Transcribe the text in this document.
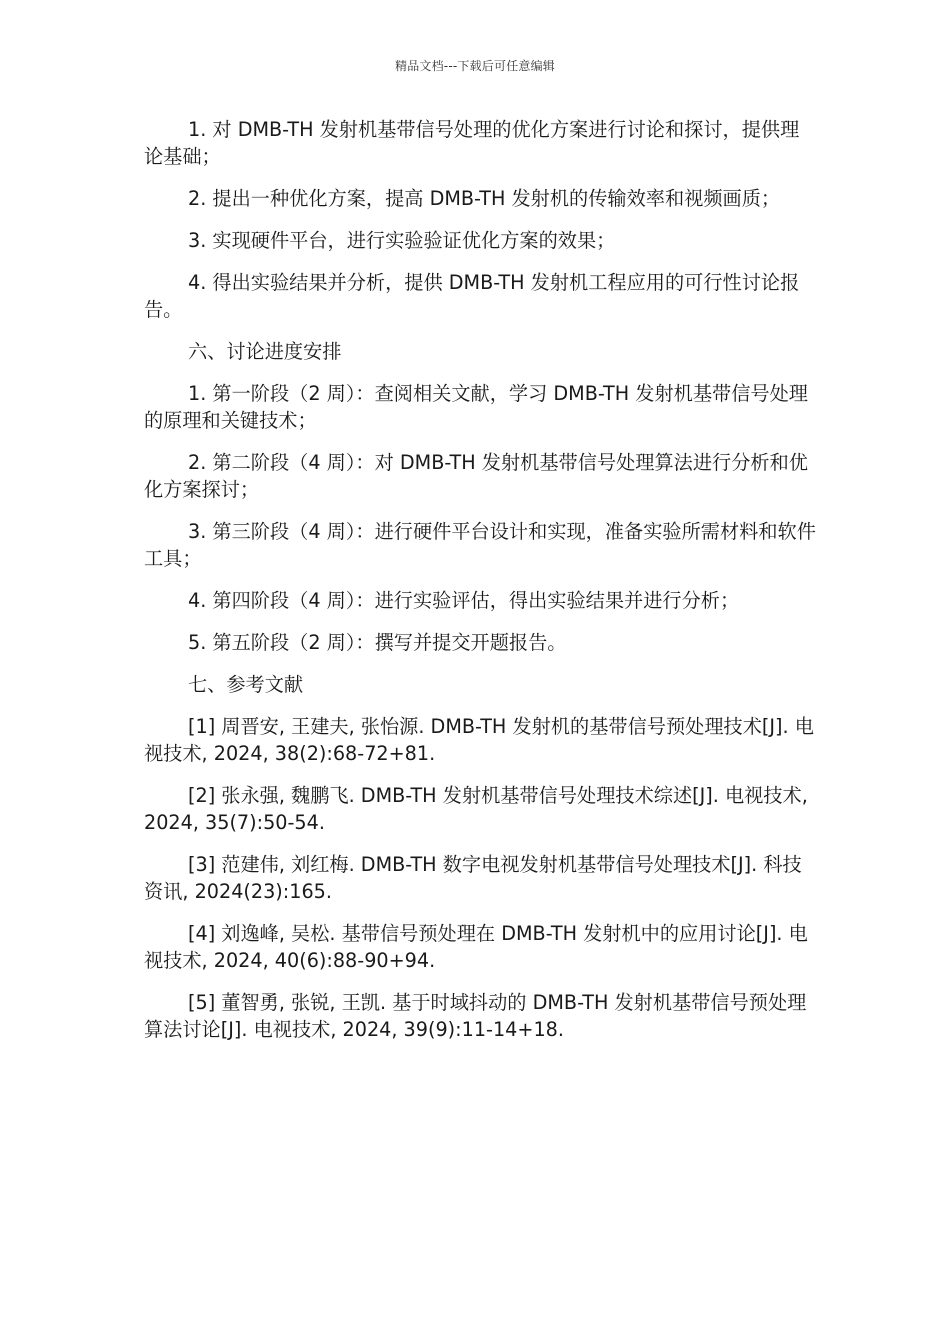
精品文档---下载后可任意编辑

1. 对 DMB-TH 发射机基带信号处理的优化方案进行讨论和探讨，提供理论基础；

2. 提出一种优化方案，提高 DMB-TH 发射机的传输效率和视频画质；

3. 实现硬件平台，进行实验验证优化方案的效果；

4. 得出实验结果并分析，提供 DMB-TH 发射机工程应用的可行性讨论报告。

六、讨论进度安排

1. 第一阶段（2 周）：查阅相关文献，学习 DMB-TH 发射机基带信号处理的原理和关键技术；

2. 第二阶段（4 周）：对 DMB-TH 发射机基带信号处理算法进行分析和优化方案探讨；

3. 第三阶段（4 周）：进行硬件平台设计和实现，准备实验所需材料和软件工具；

4. 第四阶段（4 周）：进行实验评估，得出实验结果并进行分析；

5. 第五阶段（2 周）：撰写并提交开题报告。

七、参考文献

[1] 周晋安, 王建夫, 张怡源. DMB-TH 发射机的基带信号预处理技术[J]. 电视技术, 2024, 38(2):68-72+81.

[2] 张永强, 魏鹏飞. DMB-TH 发射机基带信号处理技术综述[J]. 电视技术, 2024, 35(7):50-54.

[3] 范建伟, 刘红梅. DMB-TH 数字电视发射机基带信号处理技术[J]. 科技资讯, 2024(23):165.

[4] 刘逸峰, 吴松. 基带信号预处理在 DMB-TH 发射机中的应用讨论[J]. 电视技术, 2024, 40(6):88-90+94.

[5] 董智勇, 张锐, 王凯. 基于时域抖动的 DMB-TH 发射机基带信号预处理算法讨论[J]. 电视技术, 2024, 39(9):11-14+18.
